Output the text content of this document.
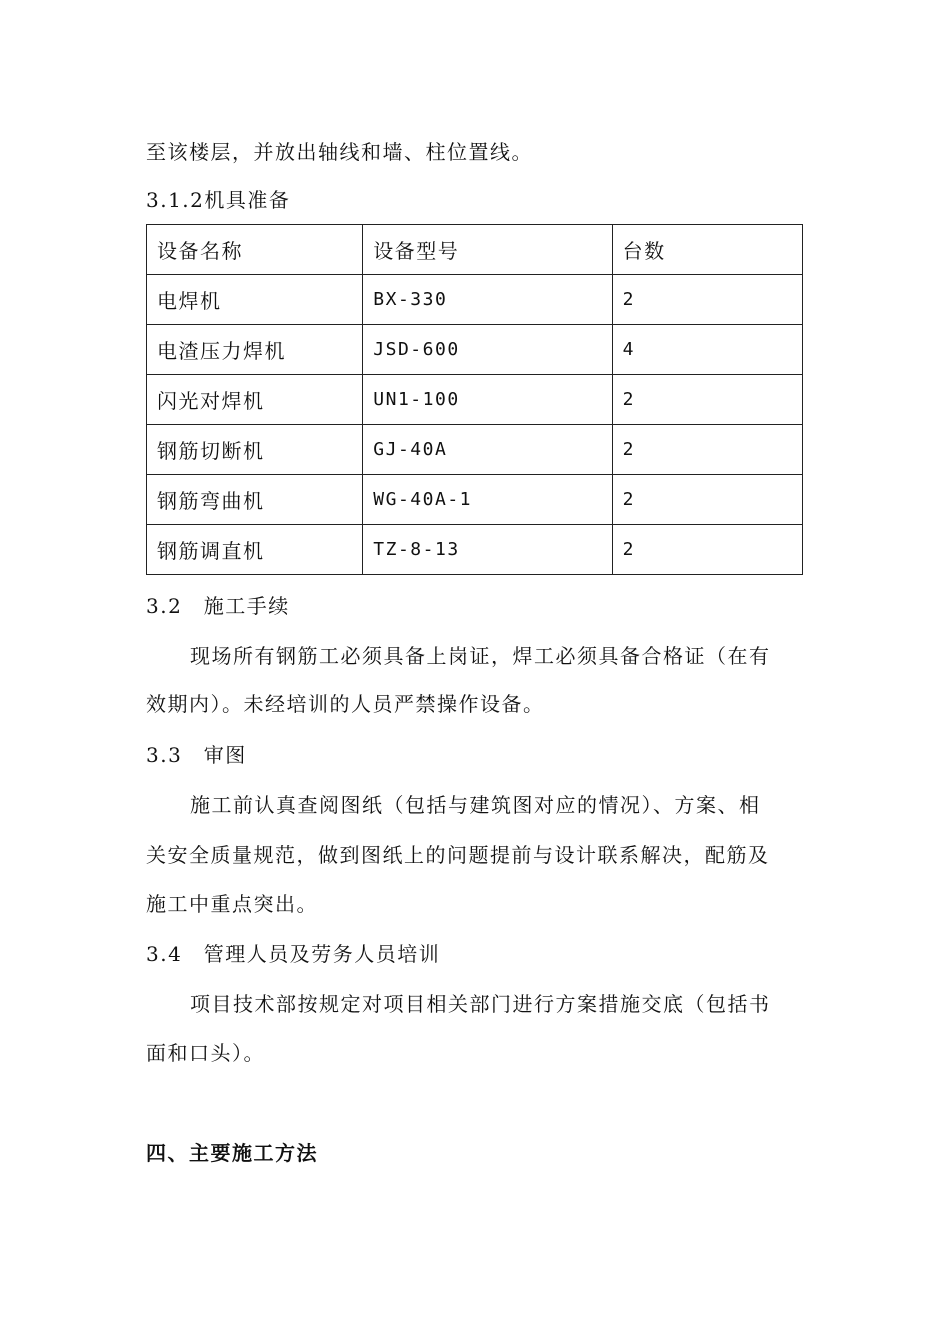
至该楼层，并放出轴线和墙、柱位置线。
3.1.2机具准备
设备名称	设备型号	台数
电焊机	BX-330	2
电渣压力焊机	JSD-600	4
闪光对焊机	UN1-100	2
钢筋切断机	GJ-40A	2
钢筋弯曲机	WG-40A-1	2
钢筋调直机	TZ-8-13	2
3.2　施工手续
现场所有钢筋工必须具备上岗证，焊工必须具备合格证（在有
效期内）。未经培训的人员严禁操作设备。
3.3　审图
施工前认真查阅图纸（包括与建筑图对应的情况）、方案、相
关安全质量规范，做到图纸上的问题提前与设计联系解决，配筋及
施工中重点突出。
3.4　管理人员及劳务人员培训
项目技术部按规定对项目相关部门进行方案措施交底（包括书
面和口头）。
四、主要施工方法
